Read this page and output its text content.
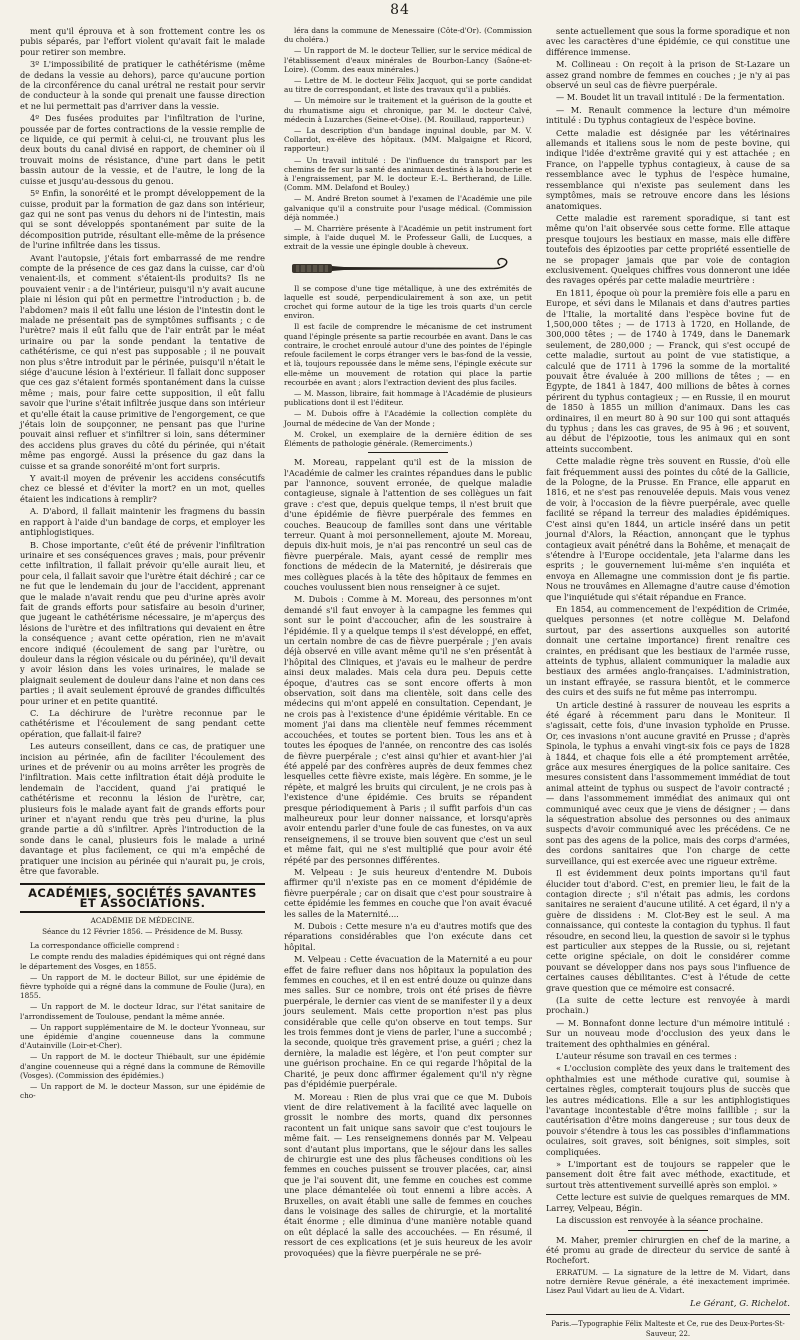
84

ment qu'il éprouva et à son frottement contre les os pubis séparés, par l'effort violent qu'avait fait le malade pour retirer son membre.

3º L'impossibilité de pratiquer le cathétérisme (même de dedans la vessie au dehors), parce qu'aucune portion de la circonférence du canal urétral ne restait pour servir de conducteur à la sonde qui prenait une fausse direction et ne lui permettait pas d'arriver dans la vessie.

4º Des fusées produites par l'infiltration de l'urine, poussée par de fortes contractions de la vessie remplie de ce liquide, ce qui permit à celui-ci, ne trouvant plus les deux bouts du canal divisé en rapport, de cheminer où il trouvait moins de résistance, d'une part dans le petit bassin autour de la vessie, et de l'autre, le long de la cuisse et jusqu'au-dessous du genou.

5º Enfin, la sonoréité et le prompt développement de la cuisse, produit par la formation de gaz dans son intérieur, gaz qui ne sont pas venus du dehors ni de l'intestin, mais qui se sont développés spontanément par suite de la décomposition putride, résultant elle-même de la présence de l'urine infiltrée dans les tissus.

Avant l'autopsie, j'étais fort embarrassé de me rendre compte de la présence de ces gaz dans la cuisse, car d'où venaient-ils, et comment s'étaient-ils produits? Ils ne pouvaient venir : a de l'intérieur, puisqu'il n'y avait aucune plaie ni lésion qui pût en permettre l'introduction ; b. de l'abdomen? mais il eût fallu une lésion de l'intestin dont le malade ne présentait pas de symptômes suffisants ; c de l'urètre? mais il eût fallu que de l'air entrât par le méat urinaire ou par la sonde pendant la tentative de cathétérisme, ce qui n'est pas supposable ; il ne pouvait non plus s'être introduit par le périnée, puisqu'il n'était le siége d'aucune lésion à l'extérieur. Il fallait donc supposer que ces gaz s'étaient formés spontanément dans la cuisse même ; mais, pour faire cette supposition, il eût fallu savoir que l'urine s'était infiltrée jusque dans son intérieur et qu'elle était la cause primitive de l'engorgement, ce que j'étais loin de soupçonner, ne pensant pas que l'urine pouvait ainsi refluer et s'infiltrer si loin, sans déterminer des accidens plus graves du côté du périnée, qui n'était même pas engorgé. Aussi la présence du gaz dans la cuisse et sa grande sonoréité m'ont fort surpris.

Y avait-il moyen de prévenir les accidens consécutifs chez ce blessé et d'éviter la mort? en un mot, quelles étaient les indications à remplir?

A. D'abord, il fallait maintenir les fragmens du bassin en rapport à l'aide d'un bandage de corps, et employer les antiphlogistiques.

B. Chose importante, c'eût été de prévenir l'infiltration urinaire et ses conséquences graves ; mais, pour prévenir cette infiltration, il fallait prévoir qu'elle aurait lieu, et pour cela, il fallait savoir que l'urètre était déchiré ; car ce ne fut que le lendemain du jour de l'accident, apprenant que le malade n'avait rendu que peu d'urine après avoir fait de grands efforts pour satisfaire au besoin d'uriner, que jugeant le cathétérisme nécessaire, je m'aperçus des lésions de l'urètre et des infiltrations qui devaient en être la conséquence ; avant cette opération, rien ne m'avait encore indiqué (écoulement de sang par l'urètre, ou douleur dans la région vésicale ou du périnée), qu'il devait y avoir lésion dans les voies urinaires, le malade se plaignait seulement de douleur dans l'aine et non dans ces parties ; il avait seulement éprouvé de grandes difficultés pour uriner et en petite quantité.

C. La déchirure de l'urètre reconnue par le cathétérisme et l'écoulement de sang pendant cette opération, que fallait-il faire?

Les auteurs conseillent, dans ce cas, de pratiquer une incision au périnée, afin de faciliter l'écoulement des urines et de prévenir ou au moins arrêter les progrès de l'infiltration. Mais cette infiltration était déjà produite le lendemain de l'accident, quand j'ai pratiqué le cathétérisme et reconnu la lésion de l'urètre, car, plusieurs fois le malade ayant fait de grands efforts pour uriner et n'ayant rendu que très peu d'urine, la plus grande partie a dû s'infiltrer. Après l'introduction de la sonde dans le canal, plusieurs fois le malade a uriné davantage et plus facilement, ce qui m'a empêché de pratiquer une incision au périnée qui n'aurait pu, je crois, être que favorable.

ACADÉMIES, SOCIÉTÉS SAVANTES ET ASSOCIATIONS.
ACADÉMIE DE MÉDECINE.
Séance du 12 Février 1856. — Présidence de M. Bussy.

La correspondance officielle comprend :

Le compte rendu des maladies épidémiques qui ont régné dans le département des Vosges, en 1855.

— Un rapport de M. le docteur Billot, sur une épidémie de fièvre typhoïde qui a régné dans la commune de Foulie (Jura), en 1855.

— Un rapport de M. le docteur Idrac, sur l'état sanitaire de l'arrondissement de Toulouse, pendant la même année.

— Un rapport supplémentaire de M. le docteur Yvonneau, sur une épidémie d'angine couenneuse dans la commune d'Autainville (Loir-et-Cher).

— Un rapport de M. le docteur Thiébault, sur une épidémie d'angine couenneuse qui a régné dans la commune de Rémoville (Vosges). (Commission des épidémies.)

— Un rapport de M. le docteur Masson, sur une épidémie de cho-

léra dans la commune de Menessaire (Côte-d'Or). (Commission du choléra.)

— Un rapport de M. le docteur Tellier, sur le service médical de l'établissement d'eaux minérales de Bourbon-Lancy (Saône-et-Loire). (Comm. des eaux minérales.)

— Lettre de M. le docteur Félix Jacquot, qui se porte candidat au titre de correspondant, et liste des travaux qu'il a publiés.

— Un mémoire sur le traitement et la guérison de la goutte et du rhumatisme aigu et chronique, par M. le docteur Calvé, médecin à Luzarches (Seine-et-Oise). (M. Rouillaud, rapporteur.)

— La description d'un bandage inguinal double, par M. V. Collardot, ex-élève des hôpitaux. (MM. Malgaigne et Ricord, rapporteur.)

— Un travail intitulé : De l'influence du transport par les chemins de fer sur la santé des animaux destinés à la boucherie et à l'engraissement, par M. le docteur E.-L. Bertherand, de Lille. (Comm. MM. Delafond et Bouley.)

— M. André Breton soumet à l'examen de l'Académie une pile galvanique qu'il a construite pour l'usage médical. (Commission déjà nommée.)

— M. Charrière présente à l'Académie un petit instrument fort simple, à l'aide duquel M. le Professeur Galli, de Lucques, a extrait de la vessie une épingle double à cheveux.

Il se compose d'une tige métallique, à une des extrémités de laquelle est soudé, perpendiculairement à son axe, un petit crochet qui forme autour de la tige les trois quarts d'un cercle environ.

Il est facile de comprendre le mécanisme de cet instrument quand l'épingle présente sa partie recourbée en avant. Dans le cas contraire, le crochet enroulé autour d'une des pointes de l'épingle refoule facilement le corps étranger vers le bas-fond de la vessie, et là, toujours repoussée dans le même sens, l'épingle exécute sur elle-même un mouvement de rotation qui place la partie recourbée en avant ; alors l'extraction devient des plus faciles.

— M. Masson, libraire, fait hommage à l'Académie de plusieurs publications dont il est l'éditeur.

— M. Dubois offre à l'Académie la collection complète du Journal de médecine de Van der Monde ;

M. Crokel, un exemplaire de la dernière édition de ses Éléments de pathologie générale. (Remerciments.)

M. Moreau, rappelant qu'il est de la mission de l'Académie de calmer les craintes répandues dans le public par l'annonce, souvent erronée, de quelque maladie contagieuse, signale à l'attention de ses collègues un fait grave : c'est que, depuis quelque temps, il n'est bruit que d'une épidémie de fièvre puerpérale des femmes en couches. Beaucoup de familles sont dans une véritable terreur. Quant à moi personnellement, ajoute M. Moreau, depuis dix-huit mois, je n'ai pas rencontré un seul cas de fièvre puerpérale. Mais, ayant cessé de remplir mes fonctions de médecin de la Maternité, je désirerais que mes collègues placés à la tête des hôpitaux de femmes en couches voulussent bien nous renseigner à ce sujet.

M. Dubois : Comme à M. Moreau, des personnes m'ont demandé s'il faut envoyer à la campagne les femmes qui sont sur le point d'accoucher, afin de les soustraire à l'épidémie. Il y a quelque temps il s'est développé, en effet, un certain nombre de cas de fièvre puerpérale ; j'en avais déjà observé en ville avant même qu'il ne s'en présentât à l'hôpital des Cliniques, et j'avais eu le malheur de perdre ainsi deux malades. Mais cela dura peu. Depuis cette époque, d'autres cas se sont encore offerts à mon observation, soit dans ma clientèle, soit dans celle des médecins qui m'ont appelé en consultation. Cependant, je ne crois pas à l'existence d'une épidémie véritable. En ce moment j'ai dans ma clientèle neuf femmes récemment accouchées, et toutes se portent bien. Tous les ans et à toutes les époques de l'année, on rencontre des cas isolés de fièvre puerpérale ; c'est ainsi qu'hier et avant-hier j'ai été appelé par des confrères auprès de deux femmes chez lesquelles cette fièvre existe, mais légère. En somme, je le répète, et malgré les bruits qui circulent, je ne crois pas à l'existence d'une épidémie. Ces bruits se répandent presque périodiquement à Paris ; il suffit parfois d'un cas malheureux pour leur donner naissance, et lorsqu'après avoir entendu parler d'une foule de cas funestes, on va aux renseignemens, il se trouve bien souvent que c'est un seul et même fait, qui ne s'est multiplié que pour avoir été répété par des personnes différentes.

M. Velpeau : Je suis heureux d'entendre M. Dubois affirmer qu'il n'existe pas en ce moment d'épidémie de fièvre puerpérale ; car on disait que c'est pour soustraire à cette épidémie les femmes en couche que l'on avait évacué les salles de la Maternité....

M. Dubois : Cette mesure n'a eu d'autres motifs que des réparations considérables que l'on exécute dans cet hôpital.

M. Velpeau : Cette évacuation de la Maternité a eu pour effet de faire refluer dans nos hôpitaux la population des femmes en couches, et il en est entré douze ou quinze dans mes salles. Sur ce nombre, trois ont été prises de fièvre puerpérale, le dernier cas vient de se manifester il y a deux jours seulement. Mais cette proportion n'est pas plus considérable que celle qu'on observe en tout temps. Sur les trois femmes dont je viens de parler, l'une a succombé ; la seconde, quoique très gravement prise, a guéri ; chez la dernière, la maladie est légère, et l'on peut compter sur une guérison prochaine. En ce qui regarde l'hôpital de la Charité, je peux donc affirmer également qu'il n'y règne pas d'épidémie puerpérale.

M. Moreau : Rien de plus vrai que ce que M. Dubois vient de dire relativement à la facilité avec laquelle on grossit le nombre des morts, quand dix personnes racontent un fait unique sans savoir que c'est toujours le même fait. — Les renseignemens donnés par M. Velpeau sont d'autant plus importans, que le séjour dans les salles de chirurgie est une des plus fâcheuses conditions où les femmes en couches puissent se trouver placées, car, ainsi que je l'ai souvent dit, une femme en couches est comme une place démantelée où tout ennemi a libre accès. A Bruxelles, on avait établi une salle de femmes en couches dans le voisinage des salles de chirurgie, et la mortalité était énorme ; elle diminua d'une manière notable quand on eût déplacé la salle des accouchées. — En résumé, il ressort de ces explications (et je suis heureux de les avoir provoquées) que la fièvre puerpérale ne se pré-

sente actuellement que sous la forme sporadique et non avec les caractères d'une épidémie, ce qui constitue une différence immense.

M. Collineau : On reçoit à la prison de St-Lazare un assez grand nombre de femmes en couches ; je n'y ai pas observé un seul cas de fièvre puerpérale.

— M. Boudet lit un travail intitulé : De la fermentation.

— M. Renault commence la lecture d'un mémoire intitulé : Du typhus contagieux de l'espèce bovine.

Cette maladie est désignée par les vétérinaires allemands et italiens sous le nom de peste bovine, qui indique l'idée d'extrême gravité qui y est attachée ; en France, on l'appelle typhus contagieux, à cause de sa ressemblance avec le typhus de l'espèce humaine, ressemblance qui n'existe pas seulement dans les symptômes, mais se retrouve encore dans les lésions anatomiques.

Cette maladie est rarement sporadique, si tant est même qu'on l'ait observée sous cette forme. Elle attaque presque toujours les bestiaux en masse, mais elle diffère toutefois des épizooties par cette propriété essentielle de ne se propager jamais que par voie de contagion exclusivement. Quelques chiffres vous donneront une idée des ravages opérés par cette maladie meurtrière :

En 1811, époque où pour la première fois elle a paru en Europe, et sévi dans le Milanais et dans d'autres parties de l'Italie, la mortalité dans l'espèce bovine fut de 1,500,000 têtes ; — de 1713 à 1720, en Hollande, de 300,000 têtes ; — de 1740 à 1749, dans le Danemark seulement, de 280,000 ; — Franck, qui s'est occupé de cette maladie, surtout au point de vue statistique, a calculé que de 1711 à 1796 la somme de la mortalité pouvait être évaluée à 200 millions de têtes ; — en Égypte, de 1841 à 1847, 400 millions de bêtes à cornes périrent du typhus contagieux ; — en Russie, il en mourut de 1850 à 1855 un million d'animaux. Dans les cas ordinaires, il en meurt 80 à 90 sur 100 qui sont attaqués du typhus ; dans les cas graves, de 95 à 96 ; et souvent, au début de l'épizootie, tous les animaux qui en sont atteints succombent.

Cette maladie règne très souvent en Russie, d'où elle fait fréquemment aussi des pointes du côté de la Gallicie, de la Pologne, de la Prusse. En France, elle apparut en 1816, et ne s'est pas renouvelée depuis. Mais vous venez de voir, à l'occasion de la fièvre puerpérale, avec quelle facilité se répand la terreur des maladies épidémiques. C'est ainsi qu'en 1844, un article inséré dans un petit journal d'Alors, la Réaction, annonçant que le typhus contagieux avait pénétré dans la Bohême, et menaçait de s'étendre à l'Europe occidentale, jeta l'alarme dans les esprits ; le gouvernement lui-même s'en inquiéta et envoya en Allemagne une commission dont je fis partie. Nous ne trouvâmes en Allemagne d'autre cause d'émotion que l'inquiétude qui s'était répandue en France.

En 1854, au commencement de l'expédition de Crimée, quelques personnes (et notre collègue M. Delafond surtout, par des assertions auxquelles son autorité donnait une certaine importance) firent renaître ces craintes, en prédisant que les bestiaux de l'armée russe, atteints de typhus, allaient communiquer la maladie aux bestiaux des armées anglo-françaises. L'administration, un instant effrayée, se rassura bientôt, et le commerce des cuirs et des suifs ne fut même pas interrompu.

Un article destiné à rassurer de nouveau les esprits a été égaré à récemment paru dans le Moniteur. Il s'agissait, cette fois, d'une invasion typhoïde en Prusse. Or, ces invasions n'ont aucune gravité en Prusse ; d'après Spinola, le typhus a envahi vingt-six fois ce pays de 1828 à 1844, et chaque fois elle a été promptement arrêtée, grâce aux mesures énergiques de la police sanitaire. Ces mesures consistent dans l'assommement immédiat de tout animal atteint de typhus ou suspect de l'avoir contracté ; — dans l'assommement immédiat des animaux qui ont communiqué avec ceux que je viens de désigner ; — dans la séquestration absolue des personnes ou des animaux suspects d'avoir communiqué avec les précédens. Ce ne sont pas des agens de la police, mais des corps d'armées, des cordons sanitaires que l'on charge de cette surveillance, qui est exercée avec une rigueur extrême.

Il est évidemment deux points importans qu'il faut élucider tout d'abord. C'est, en premier lieu, le fait de la contagion directe ; s'il n'était pas admis, les cordons sanitaires ne seraient d'aucune utilité. A cet égard, il n'y a guère de dissidens : M. Clot-Bey est le seul. A ma connaissance, qui conteste la contagion du typhus. Il faut résoudre, en second lieu, la question de savoir si le typhus est particulier aux steppes de la Russie, ou si, rejetant cette origine spéciale, on doit le considérer comme pouvant se développer dans nos pays sous l'influence de certaines causes débilitantes. C'est à l'étude de cette grave question que ce mémoire est consacré.

(La suite de cette lecture est renvoyée à mardi prochain.)

— M. Bonnafont donne lecture d'un mémoire intitulé : Sur un nouveau mode d'occlusion des yeux dans le traitement des ophthalmies en général.

L'auteur résume son travail en ces termes :

« L'occlusion complète des yeux dans le traitement des ophthalmies est une méthode curative qui, soumise à certaines règles, compterait toujours plus de succès que les autres médications. Elle a sur les antiphlogistiques l'avantage incontestable d'être moins faillible ; sur la cautérisation d'être moins dangereuse ; sur tous deux de pouvoir s'étendre à tous les cas possibles d'inflammations oculaires, soit graves, soit bénignes, soit simples, soit compliquées.

» L'important est de toujours se rappeler que le pansement doit être fait avec méthode, exactitude, et surtout très attentivement surveillé après son emploi. »

Cette lecture est suivie de quelques remarques de MM. Larrey, Velpeau, Bégin.

La discussion est renvoyée à la séance prochaine.

M. Maher, premier chirurgien en chef de la marine, a été promu au grade de directeur du service de santé à Rochefort.

ERRATUM. — La signature de la lettre de M. Vidart, dans notre dernière Revue générale, a été inexactement imprimée. Lisez Paul Vidart au lieu de A. Vidart.

Le Gérant, G. Richelot.
Paris.—Typographie Félix Malteste et Ce, rue des Deux-Portes-St-Sauveur, 22.
